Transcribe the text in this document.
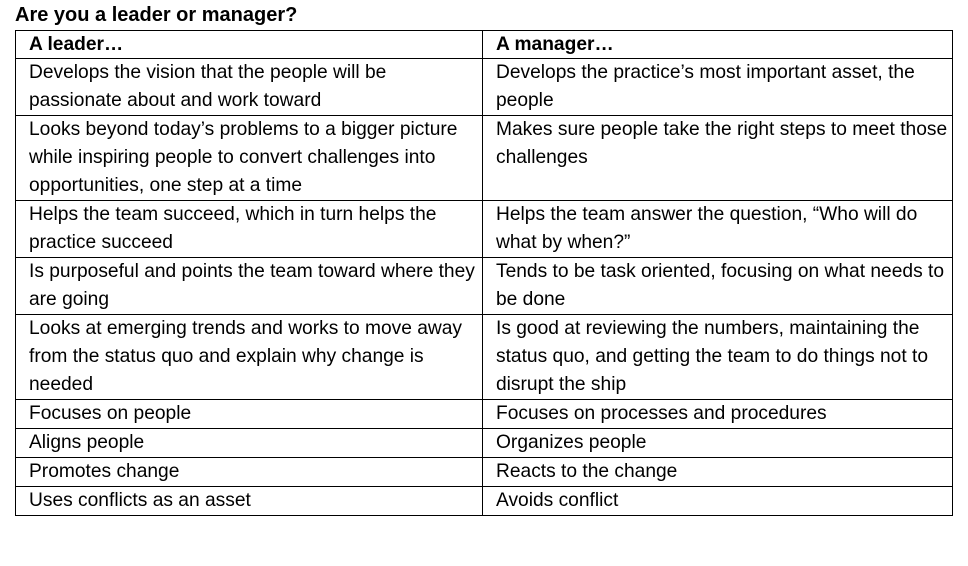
Are you a leader or manager?
A leader…	A manager…
Develops the vision that the people will be passionate about and work toward	Develops the practice’s most important asset, the people
Looks beyond today’s problems to a bigger picture while inspiring people to convert challenges into opportunities, one step at a time	Makes sure people take the right steps to meet those challenges
Helps the team succeed, which in turn helps the practice succeed	Helps the team answer the question, “Who will do what by when?”
Is purposeful and points the team toward where they are going	Tends to be task oriented, focusing on what needs to be done
Looks at emerging trends and works to move away from the status quo and explain why change is needed	Is good at reviewing the numbers, maintaining the status quo, and getting the team to do things not to disrupt the ship
Focuses on people	Focuses on processes and procedures
Aligns people	Organizes people
Promotes change	Reacts to the change
Uses conflicts as an asset	Avoids conflict
